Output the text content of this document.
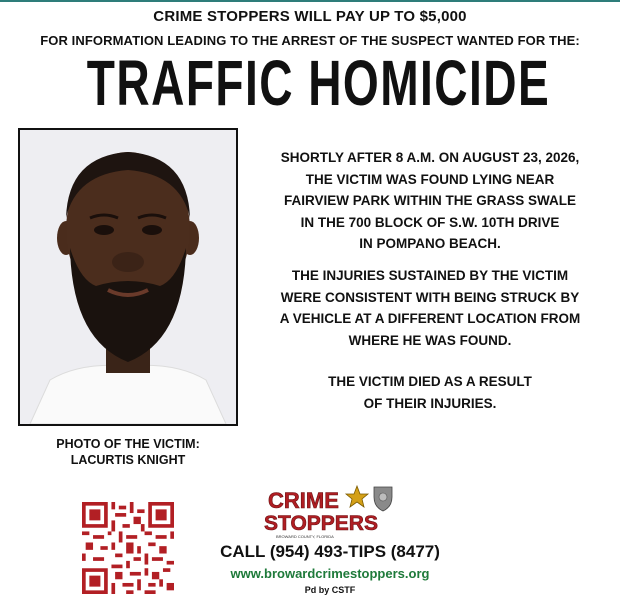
CRIME STOPPERS WILL PAY UP TO $5,000
FOR INFORMATION LEADING TO THE ARREST OF THE SUSPECT WANTED FOR THE:
TRAFFIC HOMICIDE
PHOTO OF THE VICTIM:
LACURTIS KNIGHT
SHORTLY AFTER 8 A.M. ON AUGUST 23, 2026,
THE VICTIM WAS FOUND LYING NEAR
FAIRVIEW PARK WITHIN THE GRASS SWALE
IN THE 700 BLOCK OF S.W. 10TH DRIVE
IN POMPANO BEACH.
THE INJURIES SUSTAINED BY THE VICTIM
WERE CONSISTENT WITH BEING STRUCK BY
A VEHICLE AT A DIFFERENT LOCATION FROM
WHERE HE WAS FOUND.
THE VICTIM DIED AS A RESULT
OF THEIR INJURIES.
CRIME
STOPPERS
BROWARD COUNTY, FLORIDA
CALL (954) 493-TIPS (8477)
www.browardcrimestoppers.org
Pd by CSTF
